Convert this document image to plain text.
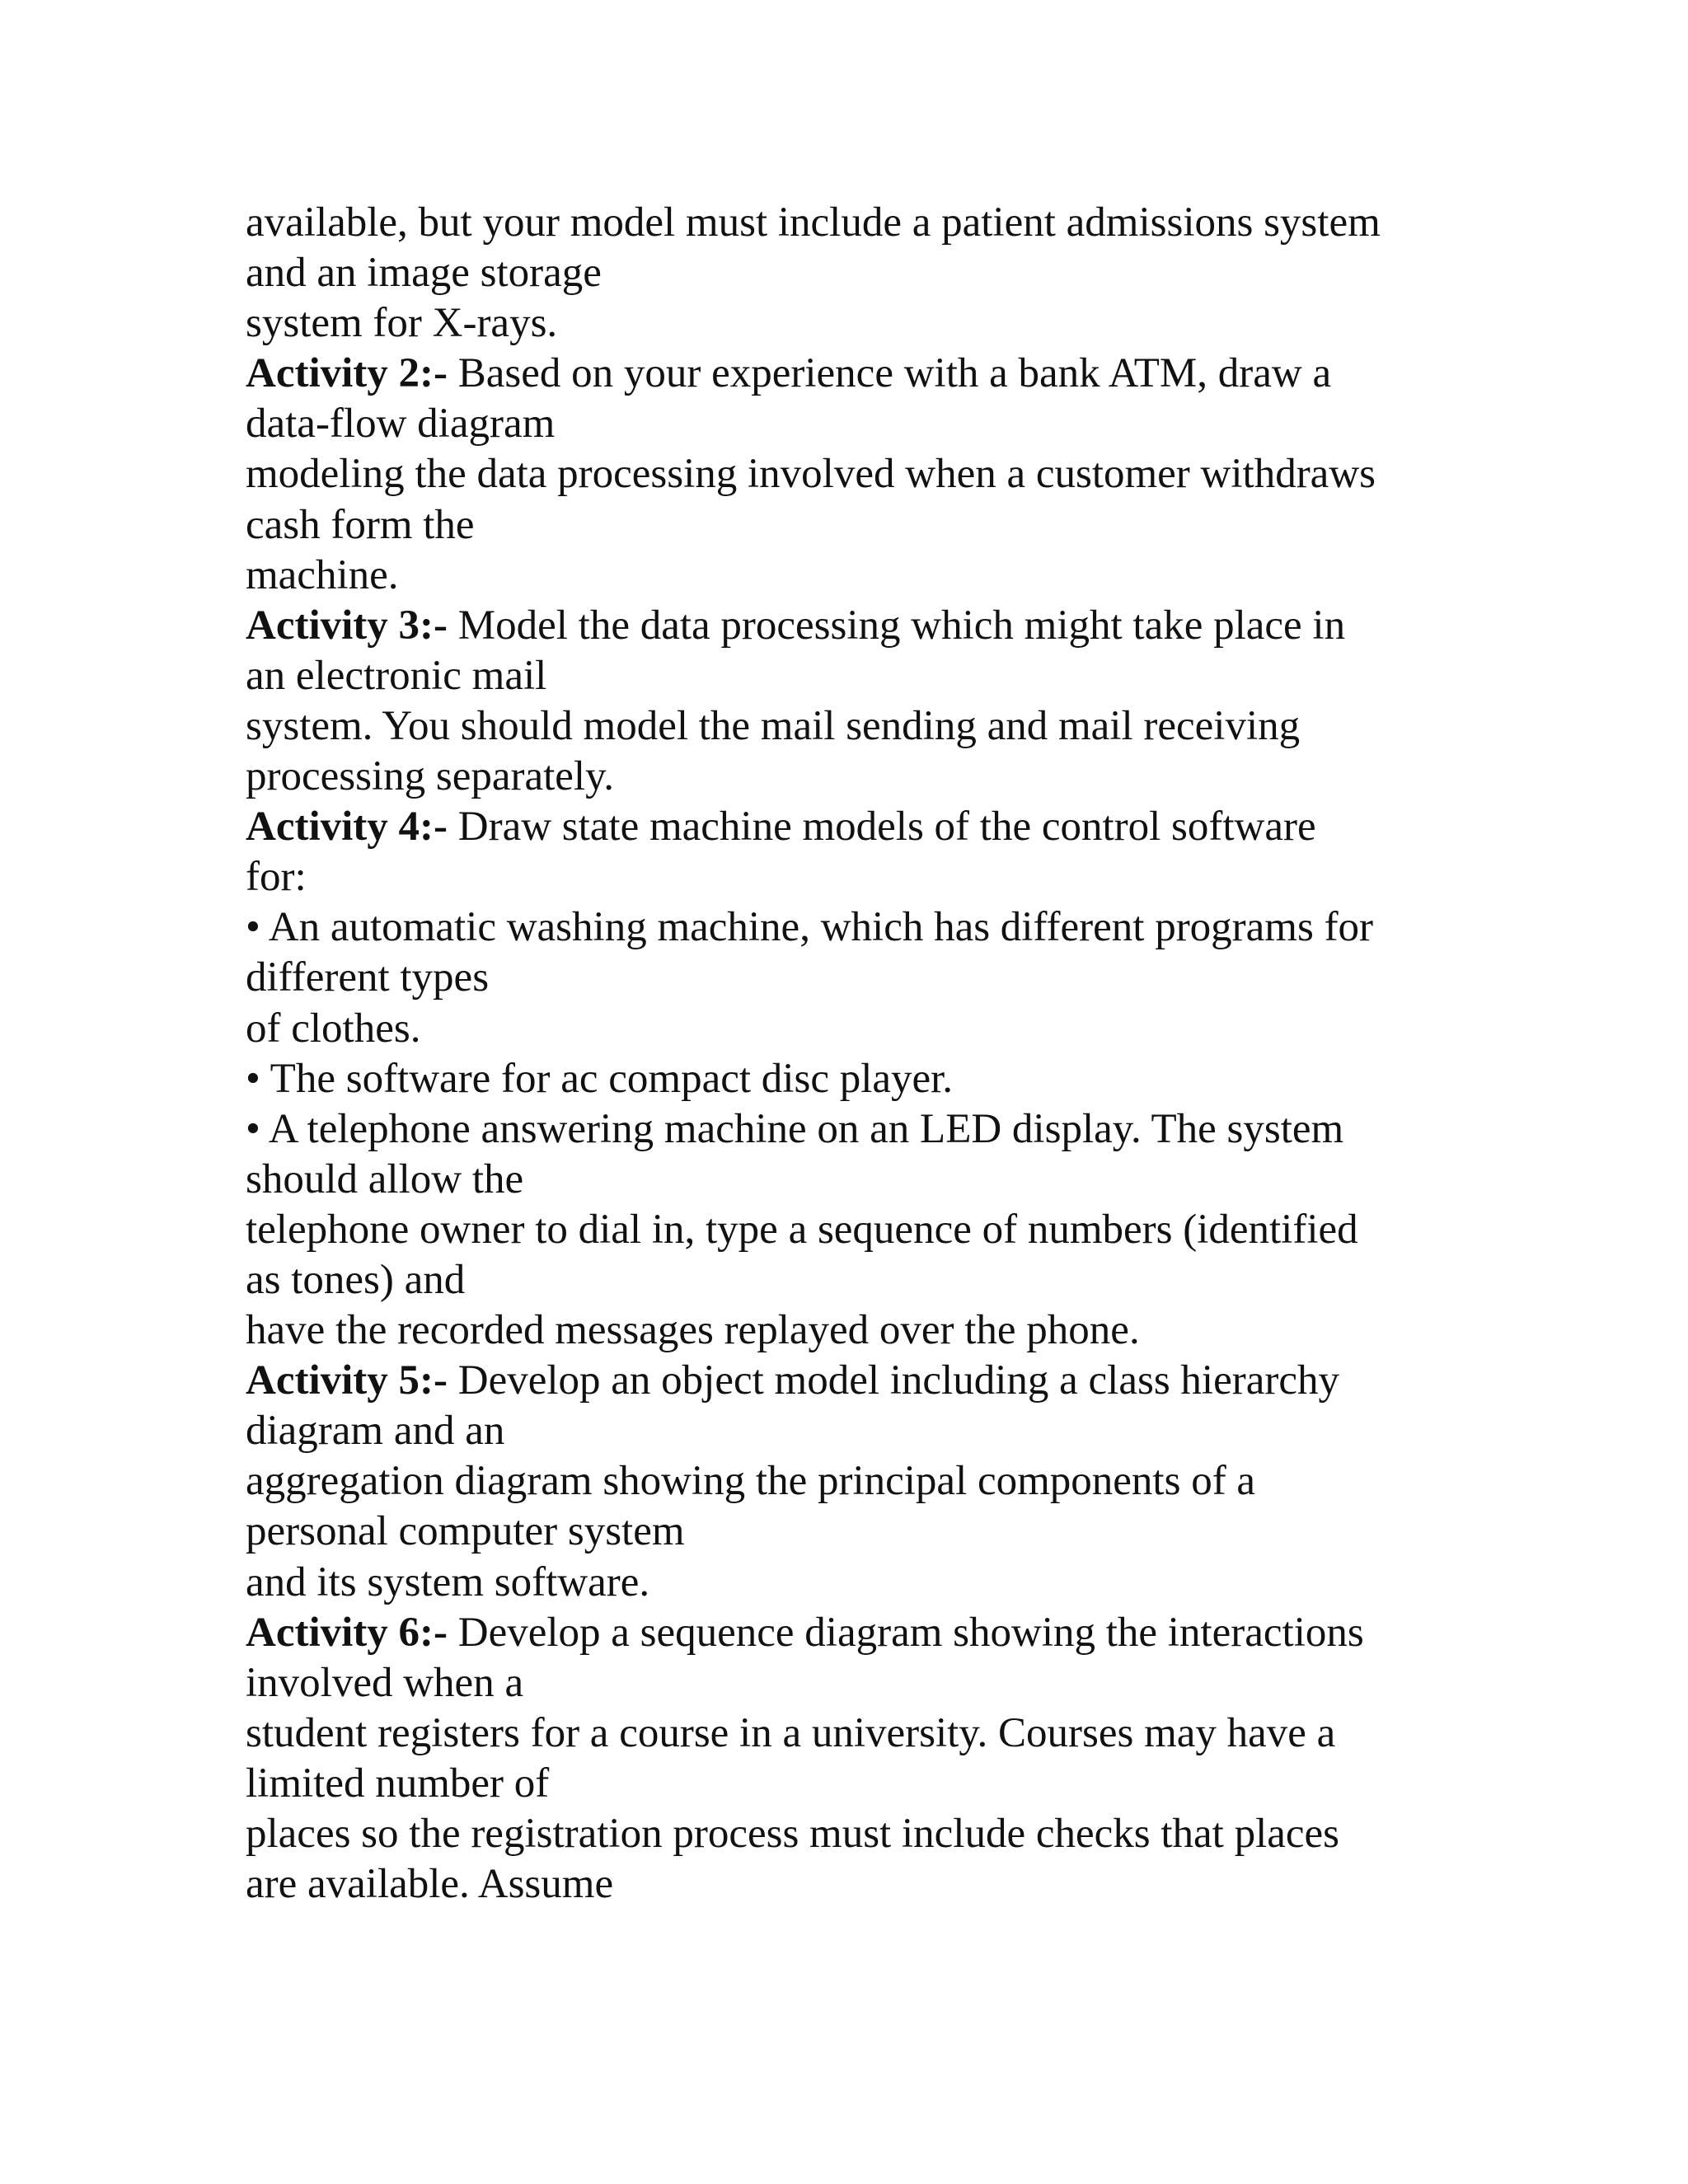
available, but your model must include a patient admissions system
and an image storage
system for X-rays.
Activity 2:- Based on your experience with a bank ATM, draw a
data-flow diagram
modeling the data processing involved when a customer withdraws
cash form the
machine.
Activity 3:- Model the data processing which might take place in
an electronic mail
system. You should model the mail sending and mail receiving
processing separately.
Activity 4:- Draw state machine models of the control software
for:
• An automatic washing machine, which has different programs for
different types
of clothes.
• The software for ac compact disc player.
• A telephone answering machine on an LED display. The system
should allow the
telephone owner to dial in, type a sequence of numbers (identified
as tones) and
have the recorded messages replayed over the phone.
Activity 5:- Develop an object model including a class hierarchy
diagram and an
aggregation diagram showing the principal components of a
personal computer system
and its system software.
Activity 6:- Develop a sequence diagram showing the interactions
involved when a
student registers for a course in a university. Courses may have a
limited number of
places so the registration process must include checks that places
are available. Assume
